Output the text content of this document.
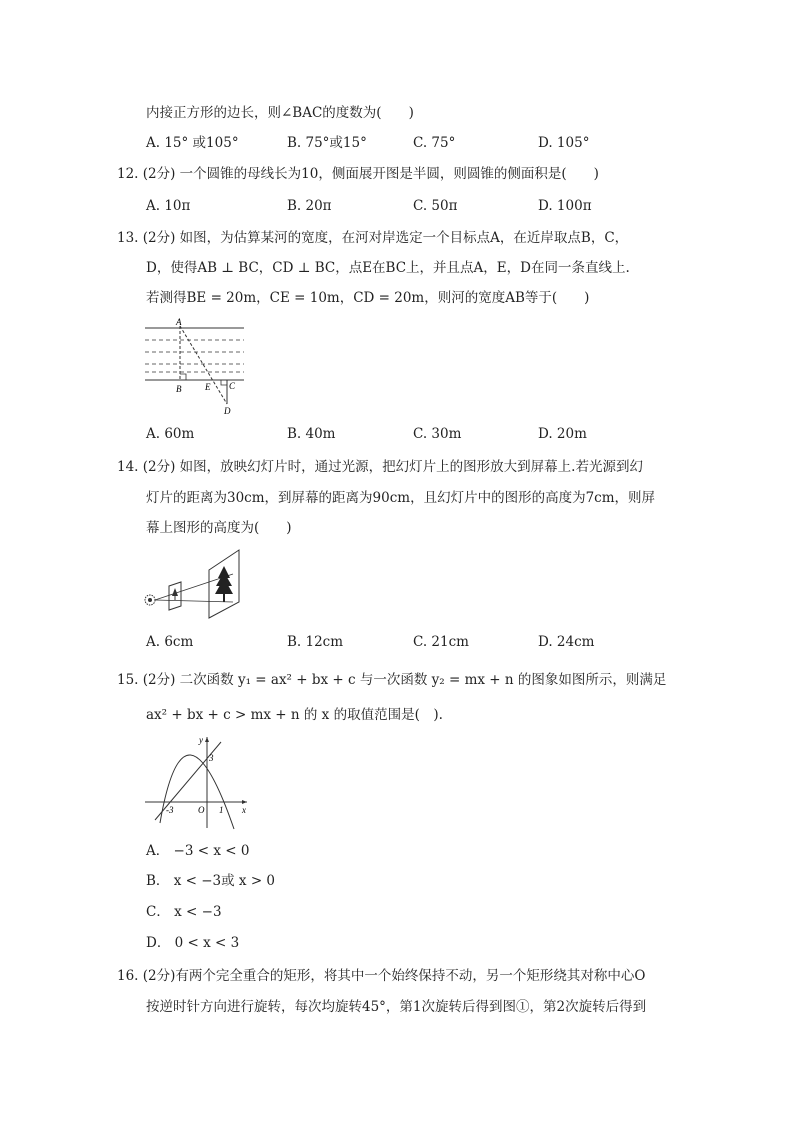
内接正方形的边长，则∠BAC的度数为(　　)
A. 15° 或105°	B. 75°或15°	C. 75°	D. 105°
12. (2分) 一个圆锥的母线长为10，侧面展开图是半圆，则圆锥的侧面积是(　　)
A. 10π	B. 20π	C. 50π	D. 100π
13. (2分) 如图，为估算某河的宽度，在河对岸选定一个目标点A，在近岸取点B，C，
D，使得AB ⊥ BC，CD ⊥ BC，点E在BC上，并且点A，E，D在同一条直线上.
若测得BE = 20m，CE = 10m，CD = 20m，则河的宽度AB等于(　　)
A
B	E C
D
A. 60m	B. 40m	C. 30m	D. 20m
14. (2分) 如图，放映幻灯片时，通过光源，把幻灯片上的图形放大到屏幕上.若光源到幻
灯片的距离为30cm，到屏幕的距离为90cm，且幻灯片中的图形的高度为7cm，则屏
幕上图形的高度为(　　)
A. 6cm	B. 12cm	C. 21cm	D. 24cm
15. (2分) 二次函数 y₁ = ax² + bx + c 与一次函数 y₂ = mx + n 的图象如图所示，则满足
ax² + bx + c > mx + n 的 x 的取值范围是(　).
y
x
O
3
-3	1
A． −3 < x < 0
B． x < −3或 x > 0
C． x < −3
D． 0 < x < 3
16. (2分)有两个完全重合的矩形，将其中一个始终保持不动，另一个矩形绕其对称中心O
按逆时针方向进行旋转，每次均旋转45°，第1次旋转后得到图①，第2次旋转后得到
